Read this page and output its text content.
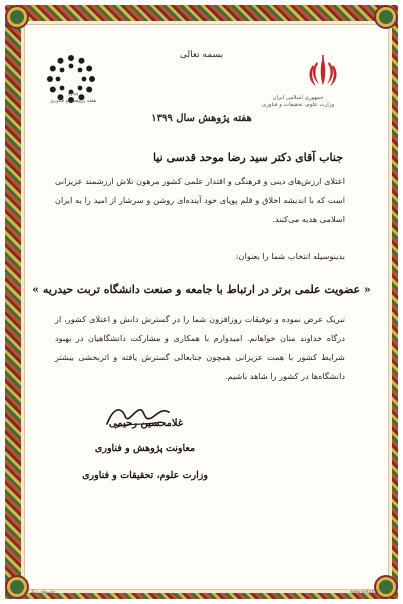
بسمه تعالی
جمهوری اسلامی ایران
وزارت علوم، تحقیقات و فناوری
۱۳۹۹
هفته پژوهش و فناوری
هفته پژوهش سال ۱۳۹۹
جناب آقای دکتر سید رضا موحد قدسی نیا
اعتلای ارزش‌های دینی و فرهنگی و اقتدار علمی کشور مرهون تلاش ارزشمند عزیزانی است که با اندیشه اخلاق و قلم پویای خود آینده‌ای روشن و سرشار از امید را به ایران اسلامی هدیه می‌کنند.
بدینوسیله انتخاب شما را بعنوان:
« عضویت علمی برتر در ارتباط با جامعه و صنعت دانشگاه تربت حیدریه »
تبریک عرض نموده و توفیقات روزافزون شما را در گسترش دانش و اعتلای کشور، از درگاه خداوند منان خواهانم. امیدوارم با همکاری و مشارکت دانشگاهیان در بهبود شرایط کشور با همت عزیزانی همچون جنابعالی گسترش یافته و اثربخشی بیشتر دانشگاه‌ها در کشور را شاهد باشیم.
غلامحسین رحیمی
معاونت پژوهش و فناوری
وزارت علوم، تحقیقات و فناوری
چاپ‌های دیگر ...	www.ketab.ir
